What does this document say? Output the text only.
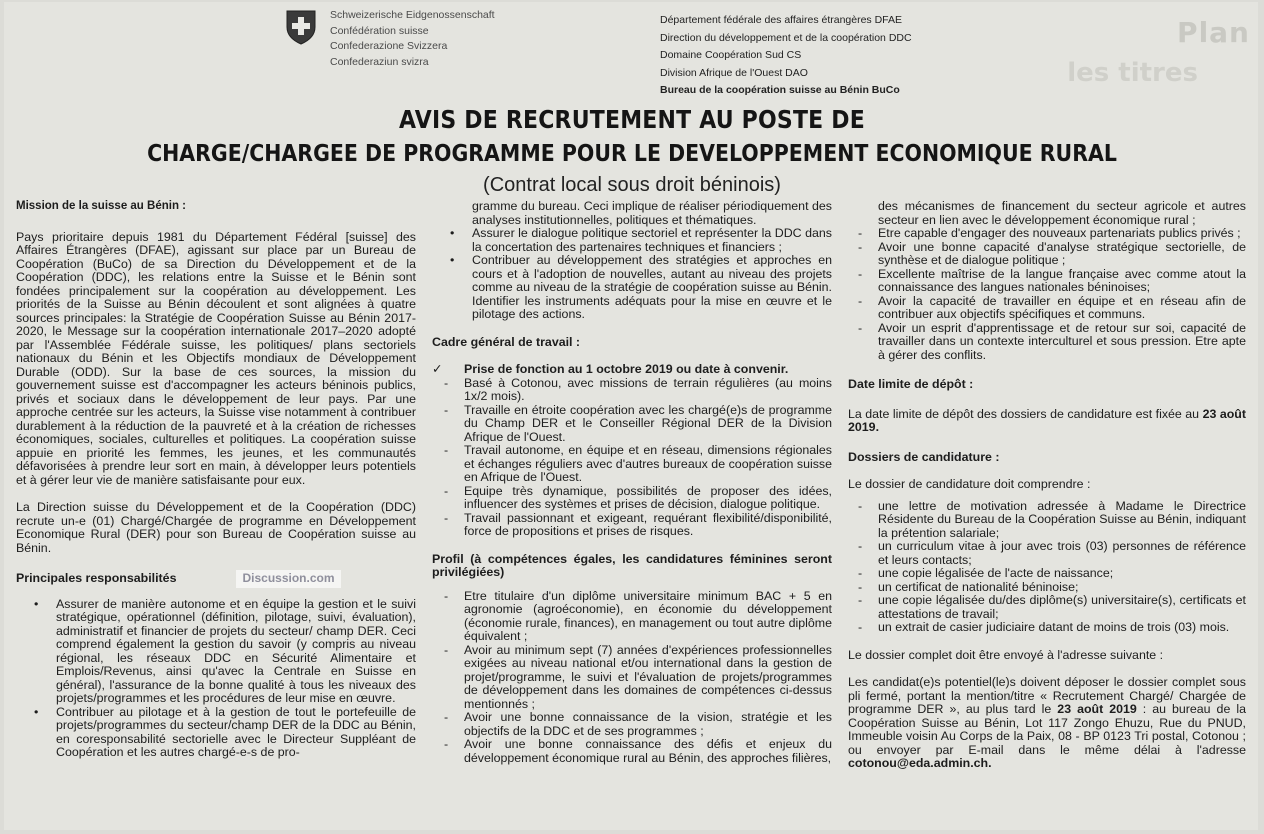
Plan
les titres
Schweizerische Eidgenossenschaft
Confédération suisse
Confederazione Svizzera
Confederaziun svizra
Département fédérale des affaires étrangères DFAE
Direction du développement et de la coopération DDC
Domaine Coopération Sud CS
Division Afrique de l'Ouest DAO
Bureau de la coopération suisse au Bénin BuCo
AVIS DE RECRUTEMENT AU POSTE DE
CHARGE/CHARGEE DE PROGRAMME POUR LE DEVELOPPEMENT ECONOMIQUE RURAL
(Contrat local sous droit béninois)
Mission de la suisse au Bénin :

Pays prioritaire depuis 1981 du Département Fédéral [suisse] des Affaires Étrangères (DFAE), agissant sur place par un Bureau de Coopération (BuCo) de sa Direction du Développement et de la Coopération (DDC), les relations entre la Suisse et le Bénin sont fondées principalement sur la coopération au développement. Les priorités de la Suisse au Bénin découlent et sont alignées à quatre sources principales: la Stratégie de Coopération Suisse au Bénin 2017-2020, le Message sur la coopération internationale 2017–2020 adopté par l'Assemblée Fédérale suisse, les politiques/ plans sectoriels nationaux du Bénin et les Objectifs mondiaux de Développement Durable (ODD). Sur la base de ces sources, la mission du gouvernement suisse est d'accompagner les acteurs béninois publics, privés et sociaux dans le développement de leur pays. Par une approche centrée sur les acteurs, la Suisse vise notamment à contribuer durablement à la réduction de la pauvreté et à la création de richesses économiques, sociales, culturelles et politiques. La coopération suisse appuie en priorité les femmes, les jeunes, et les communautés défavorisées à prendre leur sort en main, à développer leurs potentiels et à gérer leur vie de manière satisfaisante pour eux.

La Direction suisse du Développement et de la Coopération (DDC) recrute un-e (01) Chargé/Chargée de programme en Développement Economique Rural (DER) pour son Bureau de Coopération suisse au Bénin.

Principales responsabilités	Discussion.com
• Assurer de manière autonome et en équipe la gestion et le suivi stratégique, opérationnel (définition, pilotage, suivi, évaluation), administratif et financier de projets du secteur/ champ DER. Ceci comprend également la gestion du savoir (y compris au niveau régional, les réseaux DDC en Sécurité Alimentaire et Emplois/Revenus, ainsi qu'avec la Centrale en Suisse en général), l'assurance de la bonne qualité à tous les niveaux des projets/programmes et les procédures de leur mise en œuvre.
• Contribuer au pilotage et à la gestion de tout le portefeuille de projets/programmes du secteur/champ DER de la DDC au Bénin, en coresponsabilité sectorielle avec le Directeur Suppléant de Coopération et les autres chargé-e-s de pro-

gramme du bureau. Ceci implique de réaliser périodiquement des analyses institutionnelles, politiques et thématiques.

• Assurer le dialogue politique sectoriel et représenter la DDC dans la concertation des partenaires techniques et financiers ;
• Contribuer au développement des stratégies et approches en cours et à l'adoption de nouvelles, autant au niveau des projets comme au niveau de la stratégie de coopération suisse au Bénin. Identifier les instruments adéquats pour la mise en œuvre et le pilotage des actions.
Cadre général de travail :
✓ Prise de fonction au 1 octobre 2019 ou date à convenir.
- Basé à Cotonou, avec missions de terrain régulières (au moins 1x/2 mois).
- Travaille en étroite coopération avec les chargé(e)s de programme du Champ DER et le Conseiller Régional DER de la Division Afrique de l'Ouest.
- Travail autonome, en équipe et en réseau, dimensions régionales et échanges réguliers avec d'autres bureaux de coopération suisse en Afrique de l'Ouest.
- Equipe très dynamique, possibilités de proposer des idées, influencer des systèmes et prises de décision, dialogue politique.
- Travail passionnant et exigeant, requérant flexibilité/disponibilité, force de propositions et prises de risques.
Profil (à compétences égales, les candidatures féminines seront privilégiées)
- Etre titulaire d'un diplôme universitaire minimum BAC + 5 en agronomie (agroéconomie), en économie du développement (économie rurale, finances), en management ou tout autre diplôme équivalent ;
- Avoir au minimum sept (7) années d'expériences professionnelles exigées au niveau national et/ou international dans la gestion de projet/programme, le suivi et l'évaluation de projets/programmes de développement dans les domaines de compétences ci-dessus mentionnés ;
- Avoir une bonne connaissance de la vision, stratégie et les objectifs de la DDC et de ses programmes ;
- Avoir une bonne connaissance des défis et enjeux du développement économique rural au Bénin, des approches filières,

des mécanismes de financement du secteur agricole et autres secteur en lien avec le développement économique rural ;

- Etre capable d'engager des nouveaux partenariats publics privés ;
- Avoir une bonne capacité d'analyse stratégique sectorielle, de synthèse et de dialogue politique ;
- Excellente maîtrise de la langue française avec comme atout la connaissance des langues nationales béninoises;
- Avoir la capacité de travailler en équipe et en réseau afin de contribuer aux objectifs spécifiques et communs.
- Avoir un esprit d'apprentissage et de retour sur soi, capacité de travailler dans un contexte interculturel et sous pression. Etre apte à gérer des conflits.
Date limite de dépôt :

La date limite de dépôt des dossiers de candidature est fixée au 23 août 2019.

Dossiers de candidature :

Le dossier de candidature doit comprendre :

- une lettre de motivation adressée à Madame le Directrice Résidente du Bureau de la Coopération Suisse au Bénin, indiquant la prétention salariale;
- un curriculum vitae à jour avec trois (03) personnes de référence et leurs contacts;
- une copie légalisée de l'acte de naissance;
- un certificat de nationalité béninoise;
- une copie légalisée du/des diplôme(s) universitaire(s), certificats et attestations de travail;
- un extrait de casier judiciaire datant de moins de trois (03) mois.

Le dossier complet doit être envoyé à l'adresse suivante :

Les candidat(e)s potentiel(le)s doivent déposer le dossier complet sous pli fermé, portant la mention/titre « Recrutement Chargé/ Chargée de programme DER », au plus tard le 23 août 2019 : au bureau de la Coopération Suisse au Bénin, Lot 117 Zongo Ehuzu, Rue du PNUD, Immeuble voisin Au Corps de la Paix, 08 - BP 0123 Tri postal, Cotonou ; ou envoyer par E-mail dans le même délai à l'adresse cotonou@eda.admin.ch.
